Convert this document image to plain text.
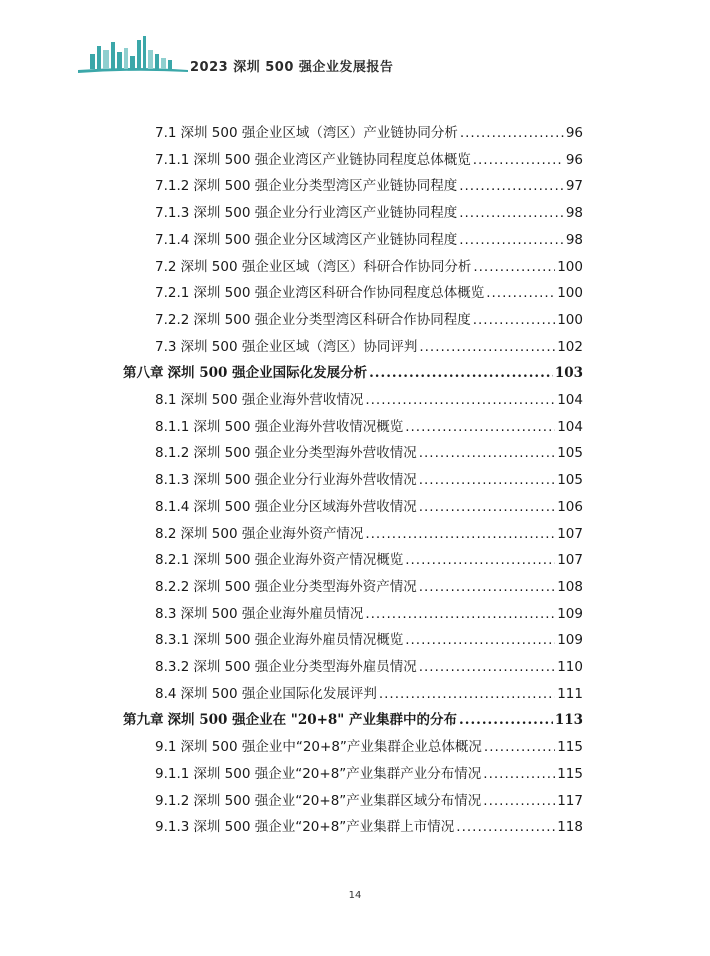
2023 深圳 500 强企业发展报告
7.1 深圳 500 强企业区域（湾区）产业链协同分析 .....	96
7.1.1 深圳 500 强企业湾区产业链协同程度总体概览 .....	96
7.1.2 深圳 500 强企业分类型湾区产业链协同程度 .....	97
7.1.3 深圳 500 强企业分行业湾区产业链协同程度 .....	98
7.1.4 深圳 500 强企业分区域湾区产业链协同程度 .....	98
7.2 深圳 500 强企业区域（湾区）科研合作协同分析 .....	100
7.2.1 深圳 500 强企业湾区科研合作协同程度总体概览 .....	100
7.2.2 深圳 500 强企业分类型湾区科研合作协同程度 .....	100
7.3 深圳 500 强企业区域（湾区）协同评判 .....	102
第八章 深圳 500 强企业国际化发展分析 .....	103
8.1 深圳 500 强企业海外营收情况 .....	104
8.1.1 深圳 500 强企业海外营收情况概览 .....	104
8.1.2 深圳 500 强企业分类型海外营收情况 .....	105
8.1.3 深圳 500 强企业分行业海外营收情况 .....	105
8.1.4 深圳 500 强企业分区域海外营收情况 .....	106
8.2 深圳 500 强企业海外资产情况 .....	107
8.2.1 深圳 500 强企业海外资产情况概览 .....	107
8.2.2 深圳 500 强企业分类型海外资产情况 .....	108
8.3 深圳 500 强企业海外雇员情况 .....	109
8.3.1 深圳 500 强企业海外雇员情况概览 .....	109
8.3.2 深圳 500 强企业分类型海外雇员情况 .....	110
8.4 深圳 500 强企业国际化发展评判 .....	111
第九章 深圳 500 强企业在 "20+8" 产业集群中的分布 .....	113
9.1 深圳 500 强企业中“20+8”产业集群企业总体概况 .....	115
9.1.1 深圳 500 强企业“20+8”产业集群产业分布情况 .....	115
9.1.2 深圳 500 强企业“20+8”产业集群区域分布情况 .....	117
9.1.3 深圳 500 强企业“20+8”产业集群上市情况 .....	118
14
